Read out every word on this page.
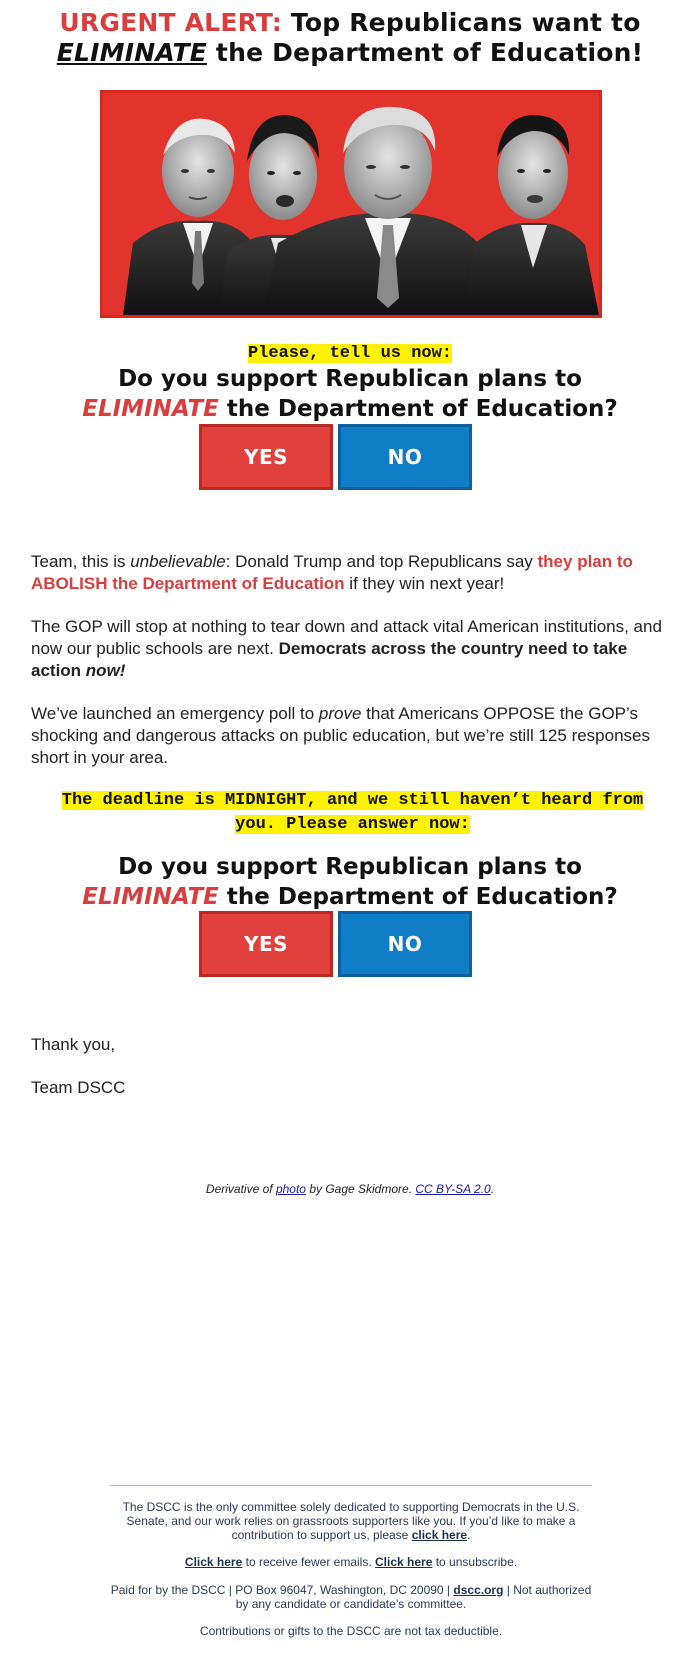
URGENT ALERT: Top Republicans want to
ELIMINATE the Department of Education!
Please, tell us now:
Do you support Republican plans to
ELIMINATE the Department of Education?
YES	NO
Team, this is unbelievable: Donald Trump and top Republicans say they plan to ABOLISH the Department of Education if they win next year!
The GOP will stop at nothing to tear down and attack vital American institutions, and now our public schools are next. Democrats across the country need to take action now!
We’ve launched an emergency poll to prove that Americans OPPOSE the GOP’s shocking and dangerous attacks on public education, but we’re still 125 responses short in your area.
The deadline is MIDNIGHT, and we still haven’t heard from you. Please answer now:
Do you support Republican plans to
ELIMINATE the Department of Education?
YES	NO
Thank you,
Team DSCC
Derivative of photo by Gage Skidmore. CC BY-SA 2.0.
The DSCC is the only committee solely dedicated to supporting Democrats in the U.S. Senate, and our work relies on grassroots supporters like you. If you’d like to make a contribution to support us, please click here.
Click here to receive fewer emails. Click here to unsubscribe.
Paid for by the DSCC | PO Box 96047, Washington, DC 20090 | dscc.org | Not authorized by any candidate or candidate’s committee.
Contributions or gifts to the DSCC are not tax deductible.
